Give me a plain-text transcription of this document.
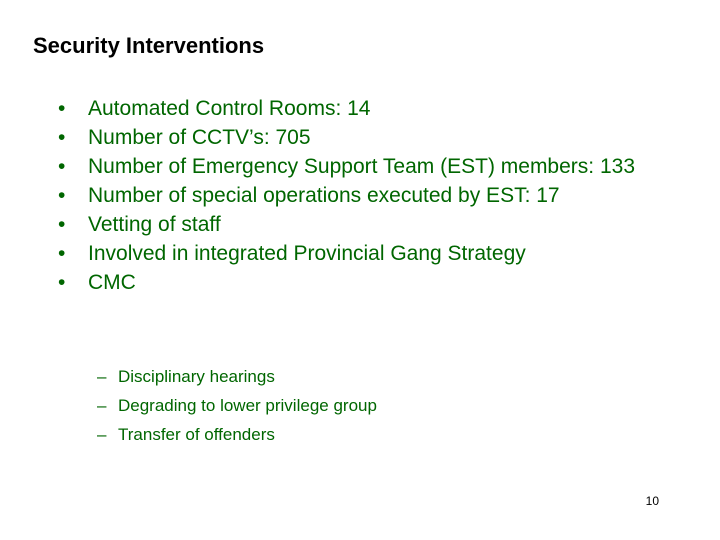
Security Interventions
•	Automated Control Rooms: 14
•	Number of CCTV’s: 705
•	Number of Emergency Support Team (EST) members: 133
•	Number of special operations executed by EST: 17
•	Vetting of staff
•	Involved in integrated Provincial Gang Strategy
•	CMC
– Disciplinary hearings
– Degrading to lower privilege group
– Transfer of offenders
10
